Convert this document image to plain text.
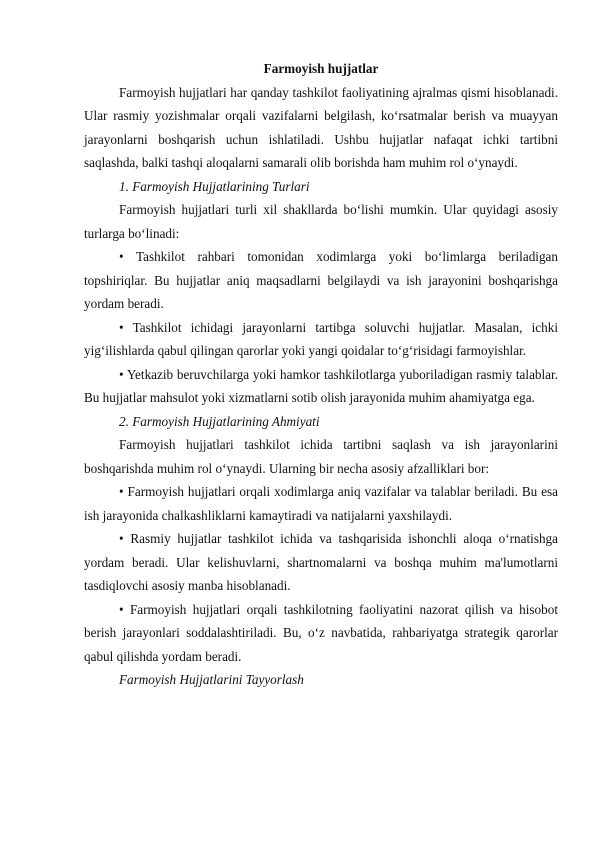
Farmoyish hujjatlar

Farmoyish hujjatlari har qanday tashkilot faoliyatining ajralmas qismi hisoblanadi. Ular rasmiy yozishmalar orqali vazifalarni belgilash, ko‘rsatmalar berish va muayyan jarayonlarni boshqarish uchun ishlatiladi. Ushbu hujjatlar nafaqat ichki tartibni saqlashda, balki tashqi aloqalarni samarali olib borishda ham muhim rol o‘ynaydi.

1. Farmoyish Hujjatlarining Turlari

Farmoyish hujjatlari turli xil shakllarda bo‘lishi mumkin. Ular quyidagi asosiy turlarga bo‘linadi:

• Tashkilot rahbari tomonidan xodimlarga yoki bo‘limlarga beriladigan topshiriqlar. Bu hujjatlar aniq maqsadlarni belgilaydi va ish jarayonini boshqarishga yordam beradi.

• Tashkilot ichidagi jarayonlarni tartibga soluvchi hujjatlar. Masalan, ichki yig‘ilishlarda qabul qilingan qarorlar yoki yangi qoidalar to‘g‘risidagi farmoyishlar.

• Yetkazib beruvchilarga yoki hamkor tashkilotlarga yuboriladigan rasmiy talablar. Bu hujjatlar mahsulot yoki xizmatlarni sotib olish jarayonida muhim ahamiyatga ega.

2. Farmoyish Hujjatlarining Ahmiyati

Farmoyish hujjatlari tashkilot ichida tartibni saqlash va ish jarayonlarini boshqarishda muhim rol o‘ynaydi. Ularning bir necha asosiy afzalliklari bor:

• Farmoyish hujjatlari orqali xodimlarga aniq vazifalar va talablar beriladi. Bu esa ish jarayonida chalkashliklarni kamaytiradi va natijalarni yaxshilaydi.

• Rasmiy hujjatlar tashkilot ichida va tashqarisida ishonchli aloqa o‘rnatishga yordam beradi. Ular kelishuvlarni, shartnomalarni va boshqa muhim ma'lumotlarni tasdiqlovchi asosiy manba hisoblanadi.

• Farmoyish hujjatlari orqali tashkilotning faoliyatini nazorat qilish va hisobot berish jarayonlari soddalashtiriladi. Bu, o‘z navbatida, rahbariyatga strategik qarorlar qabul qilishda yordam beradi.

Farmoyish Hujjatlarini Tayyorlash
